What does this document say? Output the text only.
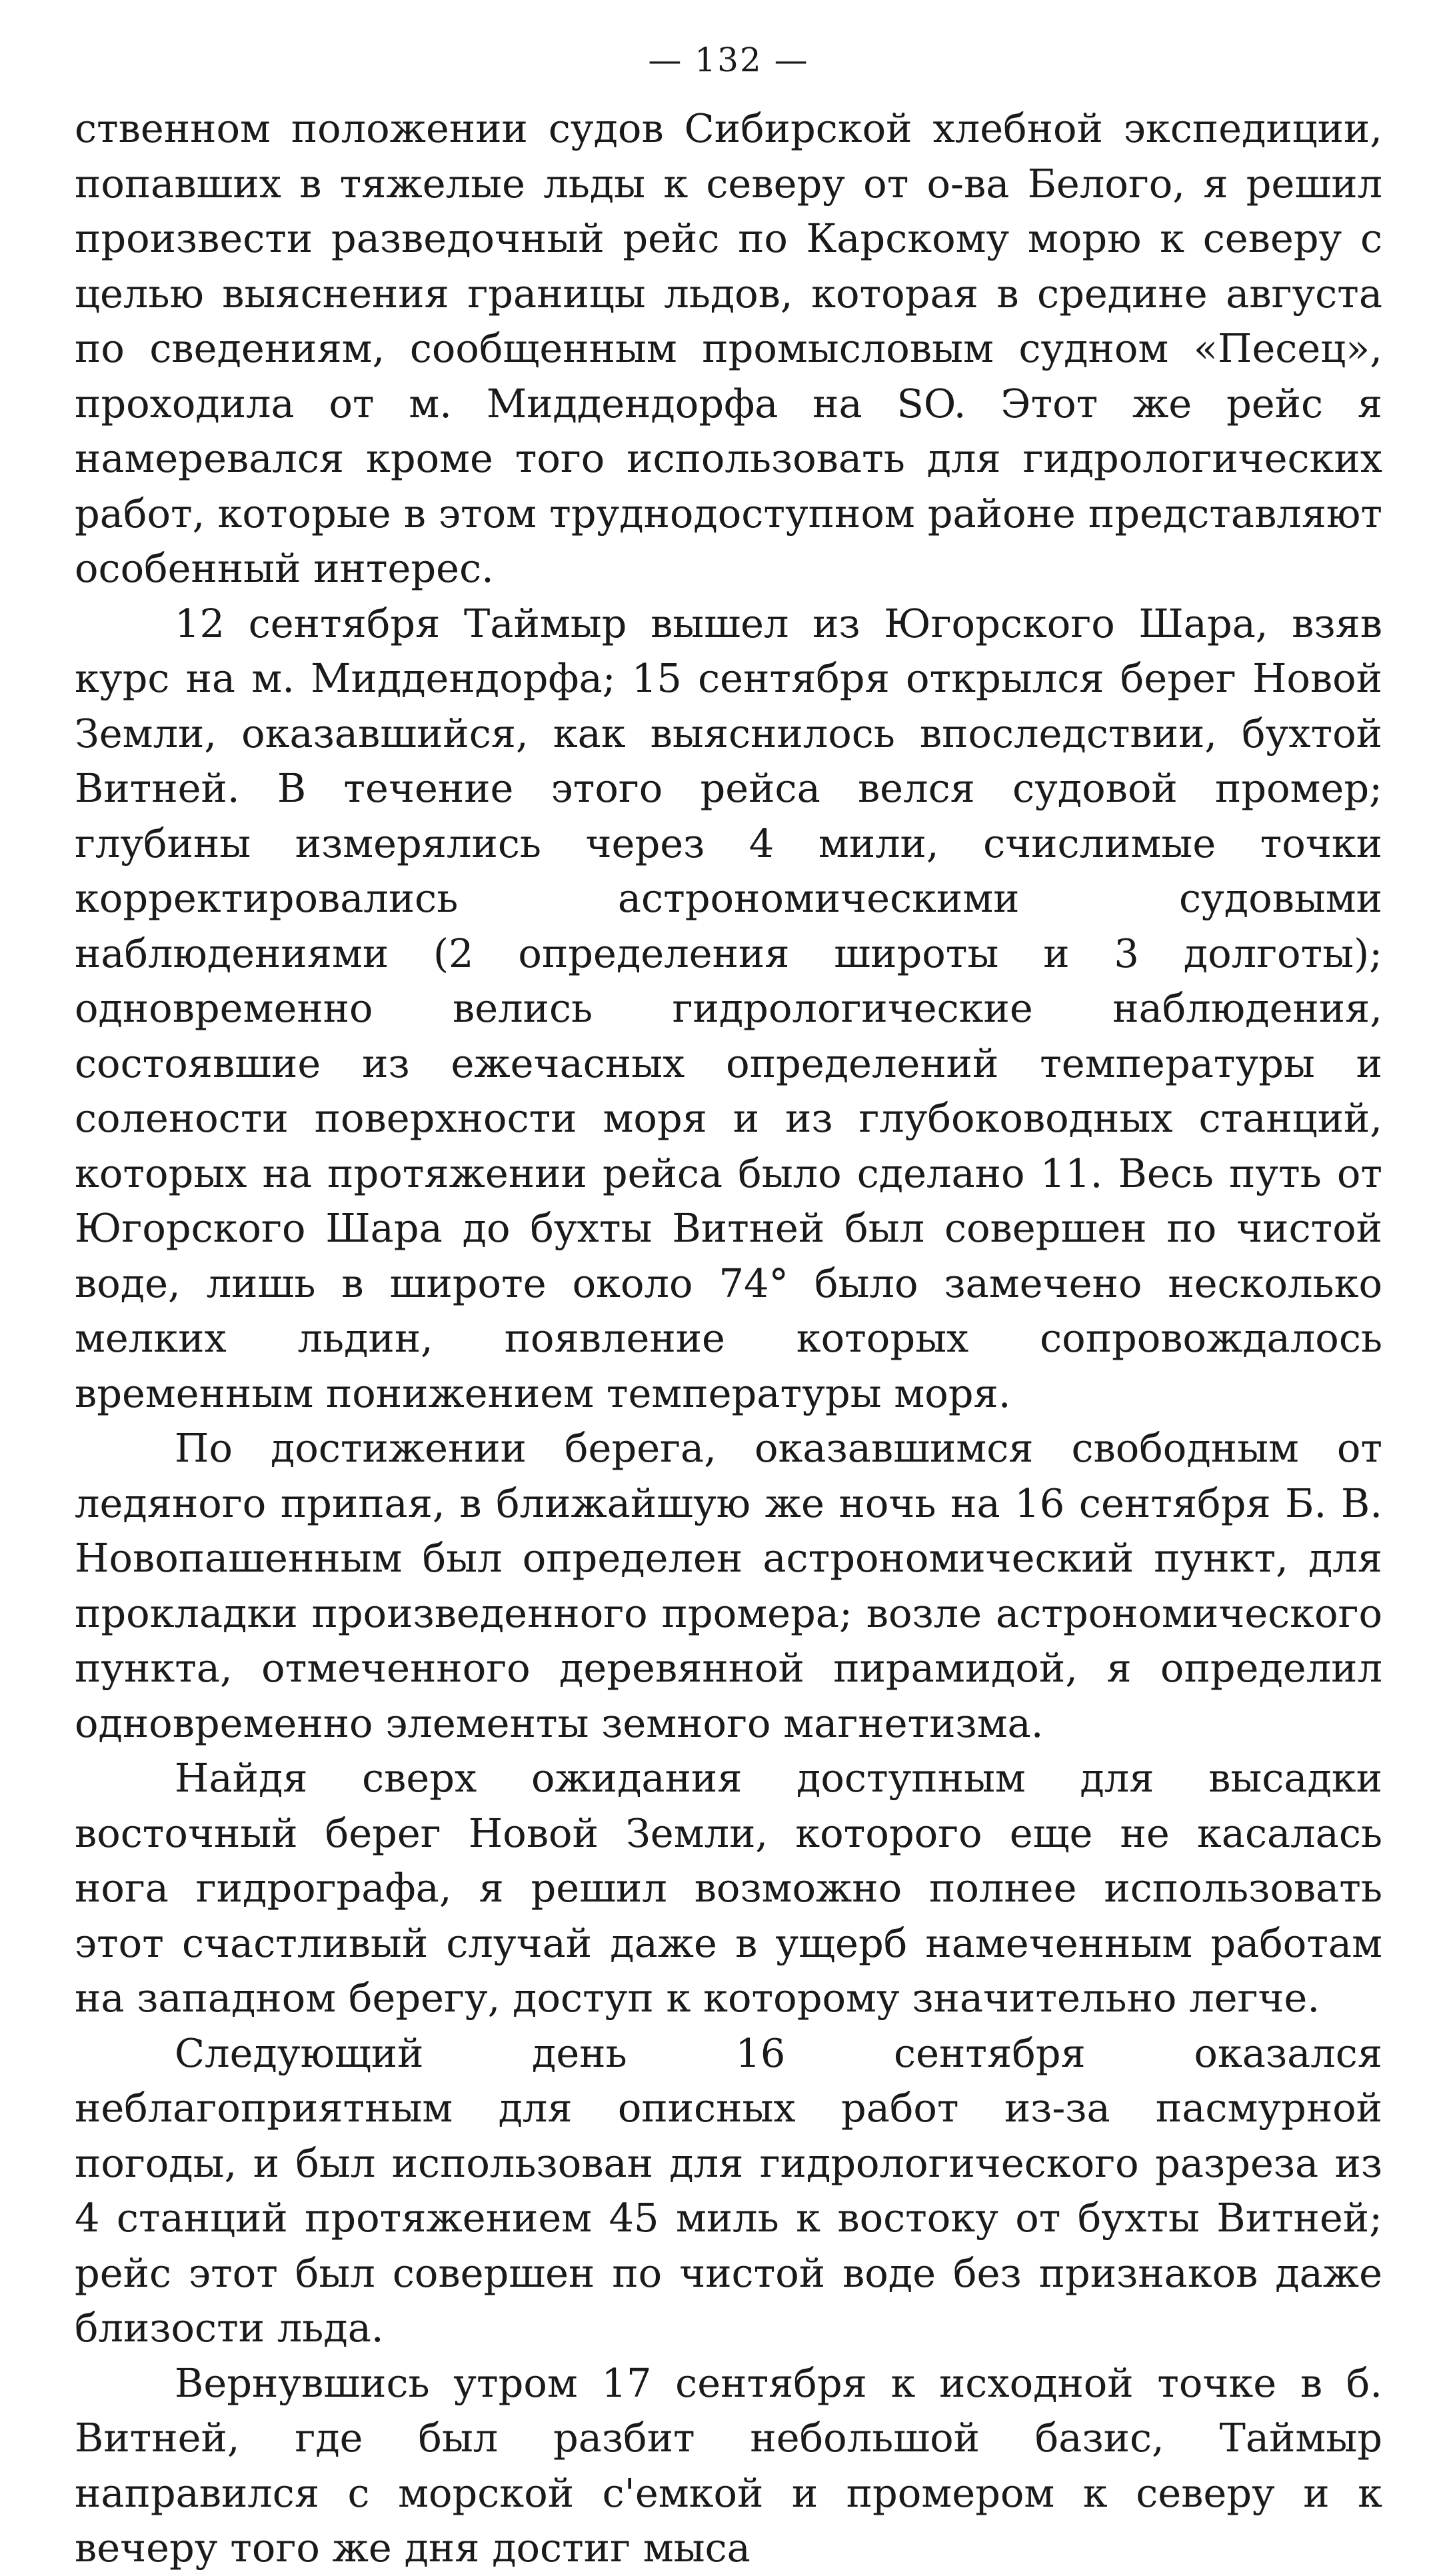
— 132 —

ственном положении судов Сибирской хлебной экспедиции, попавших в тяжелые льды к северу от о-ва Белого, я решил произвести разведочный рейс по Карскому морю к северу с целью выяснения границы льдов, которая в средине августа по сведениям, сообщенным промысловым судном «Песец», проходила от м. Миддендорфа на SO. Этот же рейс я намеревался кроме того использовать для гидрологических работ, которые в этом труднодоступном районе представляют особенный интерес.

12 сентября Таймыр вышел из Югорского Шара, взяв курс на м. Миддендорфа; 15 сентября открылся берег Новой Земли, оказавшийся, как выяснилось впоследствии, бухтой Витней. В течение этого рейса велся судовой промер; глубины измерялись через 4 мили, счислимые точки корректировались астрономическими судовыми наблюдениями (2 определения широты и 3 долготы); одновременно велись гидрологические наблюдения, состоявшие из ежечасных определений температуры и солености поверхности моря и из глубоководных станций, которых на протяжении рейса было сделано 11. Весь путь от Югорского Шара до бухты Витней был совершен по чистой воде, лишь в широте около 74° было замечено несколько мелких льдин, появление которых сопровождалось временным понижением температуры моря.

По достижении берега, оказавшимся свободным от ледяного припая, в ближайшую же ночь на 16 сентября Б. В. Новопашенным был определен астрономический пункт, для прокладки произведенного промера; возле астрономического пункта, отмеченного деревянной пирамидой, я определил одновременно элементы земного магнетизма.

Найдя сверх ожидания доступным для высадки восточный берег Новой Земли, которого еще не касалась нога гидрографа, я решил возможно полнее использовать этот счастливый случай даже в ущерб намеченным работам на западном берегу, доступ к которому значительно легче.

Следующий день 16 сентября оказался неблагоприятным для описных работ из-за пасмурной погоды, и был использован для гидрологического разреза из 4 станций протяжением 45 миль к востоку от бухты Витней; рейс этот был совершен по чистой воде без признаков даже близости льда.

Вернувшись утром 17 сентября к исходной точке в б. Витней, где был разбит небольшой базис, Таймыр направился с морской с'емкой и промером к северу и к вечеру того же дня достиг мыса
